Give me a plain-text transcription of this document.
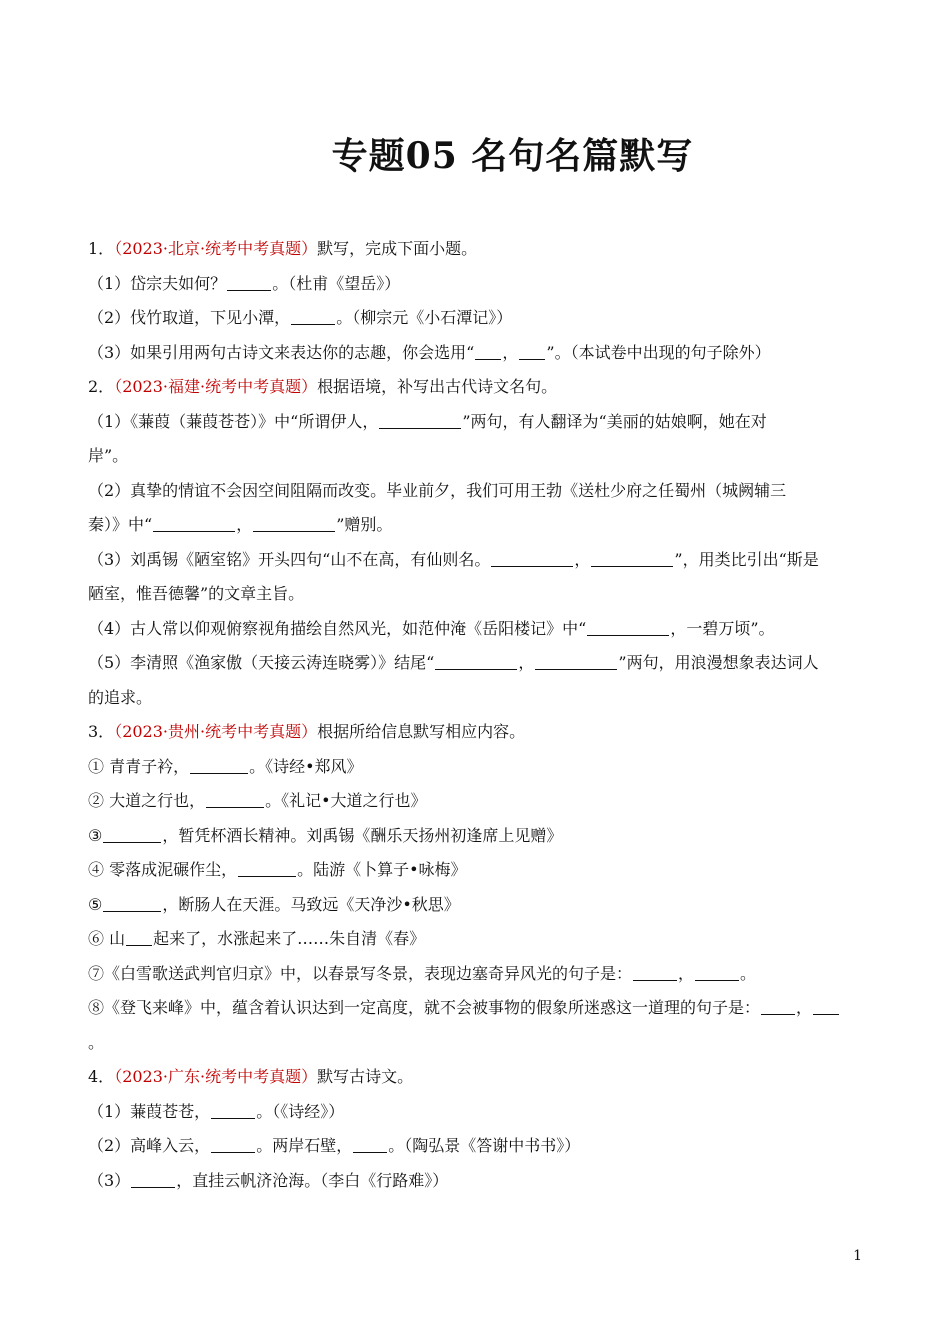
专题05 名句名篇默写
1．（2023·北京·统考中考真题）默写，完成下面小题。
（1）岱宗夫如何？	。（杜甫《望岳》）
（2）伐竹取道，下见小潭，	。（柳宗元《小石潭记》）
（3）如果引用两句古诗文来表达你的志趣，你会选用“ ， ”。（本试卷中出现的句子除外）
2．（2023·福建·统考中考真题）根据语境，补写出古代诗文名句。
（1）《蒹葭（蒹葭苍苍）》中“所谓伊人，	”两句，有人翻译为“美丽的姑娘啊，她在对
岸”。
（2）真挚的情谊不会因空间阻隔而改变。毕业前夕，我们可用王勃《送杜少府之任蜀州（城阙辅三
秦）》中“	，	”赠别。
（3）刘禹锡《陋室铭》开头四句“山不在高，有仙则名。	，	”，用类比引出“斯是
陋室，惟吾德馨”的文章主旨。
（4）古人常以仰观俯察视角描绘自然风光，如范仲淹《岳阳楼记》中“	，一碧万顷”。
（5）李清照《渔家傲（天接云涛连晓雾）》结尾“	，	”两句，用浪漫想象表达词人
的追求。
3．（2023·贵州·统考中考真题）根据所给信息默写相应内容。
① 青青子衿，	。《诗经•郑风》
② 大道之行也，	。《礼记•大道之行也》
③	，暂凭杯酒长精神。刘禹锡《酬乐天扬州初逢席上见赠》
④ 零落成泥碾作尘，	。陆游《卜算子•咏梅》
⑤	，断肠人在天涯。马致远《天净沙•秋思》
⑥ 山 起来了，水涨起来了……朱自清《春》
⑦《白雪歌送武判官归京》中，以春景写冬景，表现边塞奇异风光的句子是：	，	。
⑧《登飞来峰》中，蕴含着认识达到一定高度，就不会被事物的假象所迷惑这一道理的句子是： ，
。
4．（2023·广东·统考中考真题）默写古诗文。
（1）蒹葭苍苍，	。（《诗经》）
（2）高峰入云，	。两岸石壁， 。（陶弘景《答谢中书书》）
（3）	，直挂云帆济沧海。（李白《行路难》）
1
